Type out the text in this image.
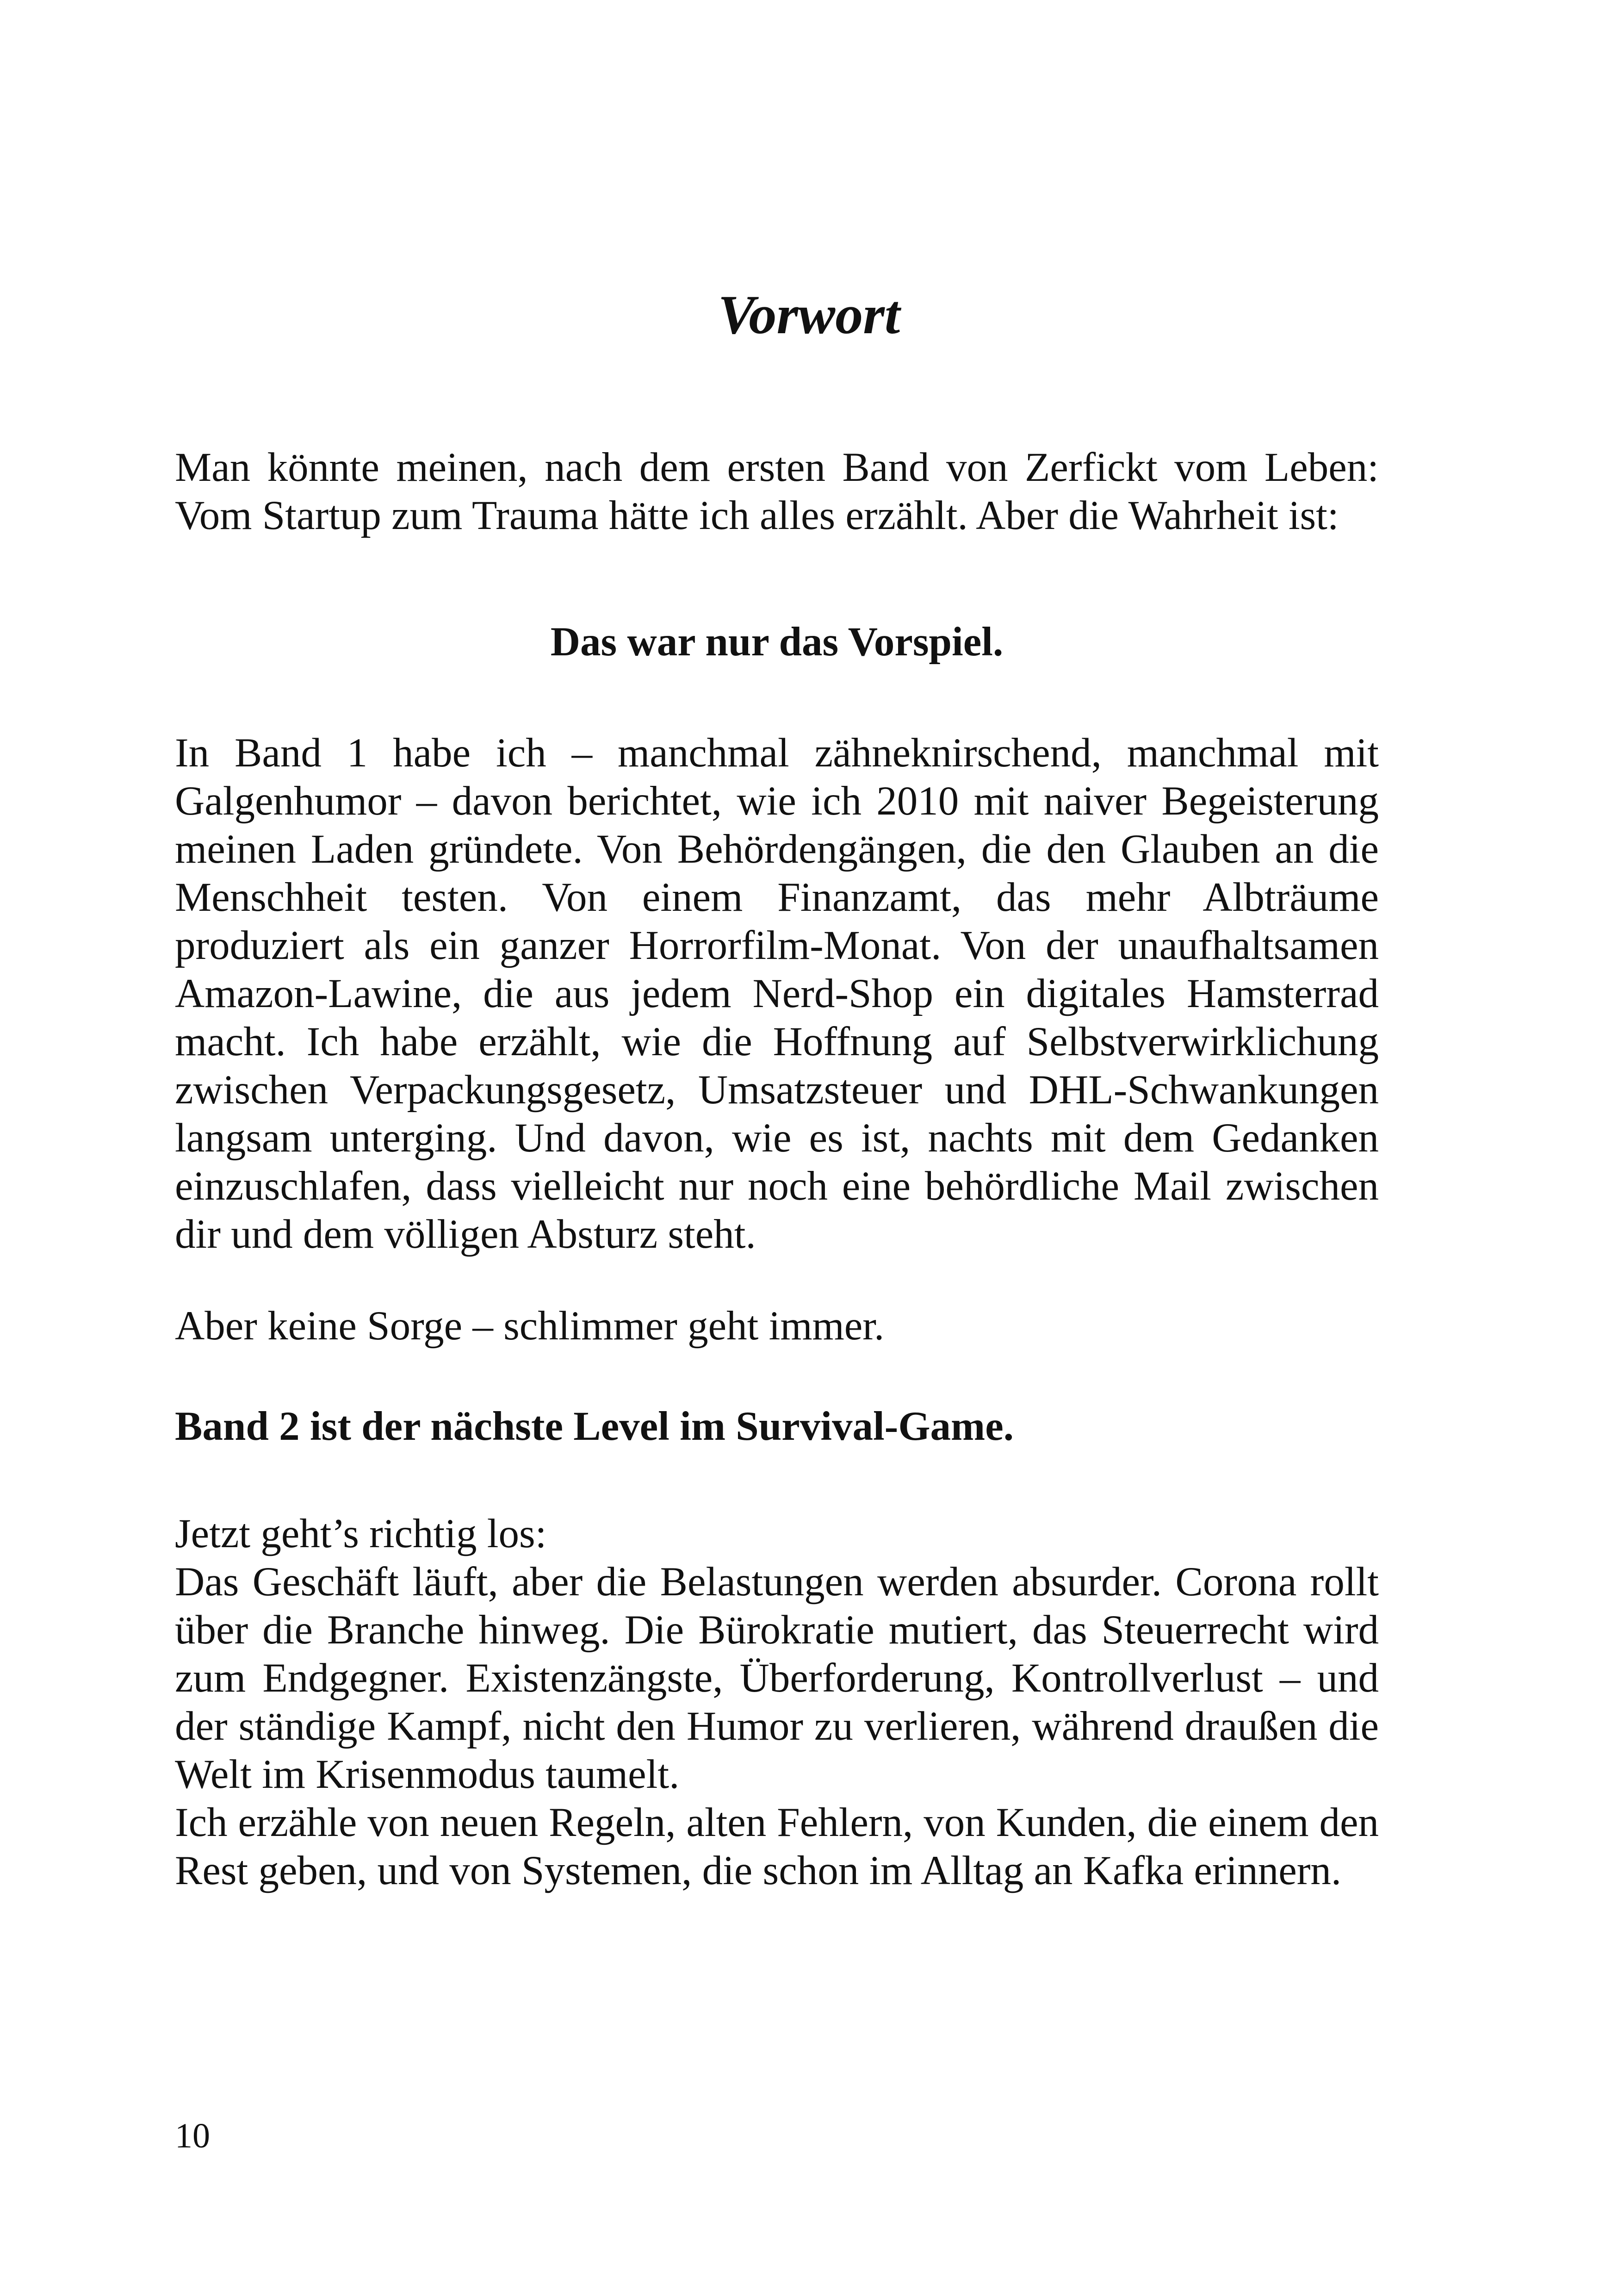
Vorwort

Man könnte meinen, nach dem ersten Band von Zerfickt vom Leben: Vom Startup zum Trauma hätte ich alles erzählt. Aber die Wahrheit ist:

Das war nur das Vorspiel.

In Band 1 habe ich – manchmal zähneknirschend, manchmal mit Galgenhumor – davon berichtet, wie ich 2010 mit naiver Begeisterung meinen Laden gründete. Von Behördengängen, die den Glauben an die Menschheit testen. Von einem Finanzamt, das mehr Albträume produziert als ein ganzer Horrorfilm-Monat. Von der unaufhaltsamen Amazon-Lawine, die aus jedem Nerd-Shop ein digitales Hamsterrad macht. Ich habe erzählt, wie die Hoffnung auf Selbstverwirklichung zwischen Verpackungsgesetz, Umsatzsteuer und DHL-Schwankungen langsam unterging. Und davon, wie es ist, nachts mit dem Gedanken einzuschlafen, dass vielleicht nur noch eine behördliche Mail zwischen dir und dem völligen Absturz steht.

Aber keine Sorge – schlimmer geht immer.

Band 2 ist der nächste Level im Survival-Game.

Jetzt geht’s richtig los:

Das Geschäft läuft, aber die Belastungen werden absurder. Corona rollt über die Branche hinweg. Die Bürokratie mutiert, das Steuerrecht wird zum Endgegner. Existenzängste, Überforderung, Kontrollverlust – und der ständige Kampf, nicht den Humor zu verlieren, während draußen die Welt im Krisenmodus taumelt.

Ich erzähle von neuen Regeln, alten Fehlern, von Kunden, die einem den Rest geben, und von Systemen, die schon im Alltag an Kafka erinnern.

10
